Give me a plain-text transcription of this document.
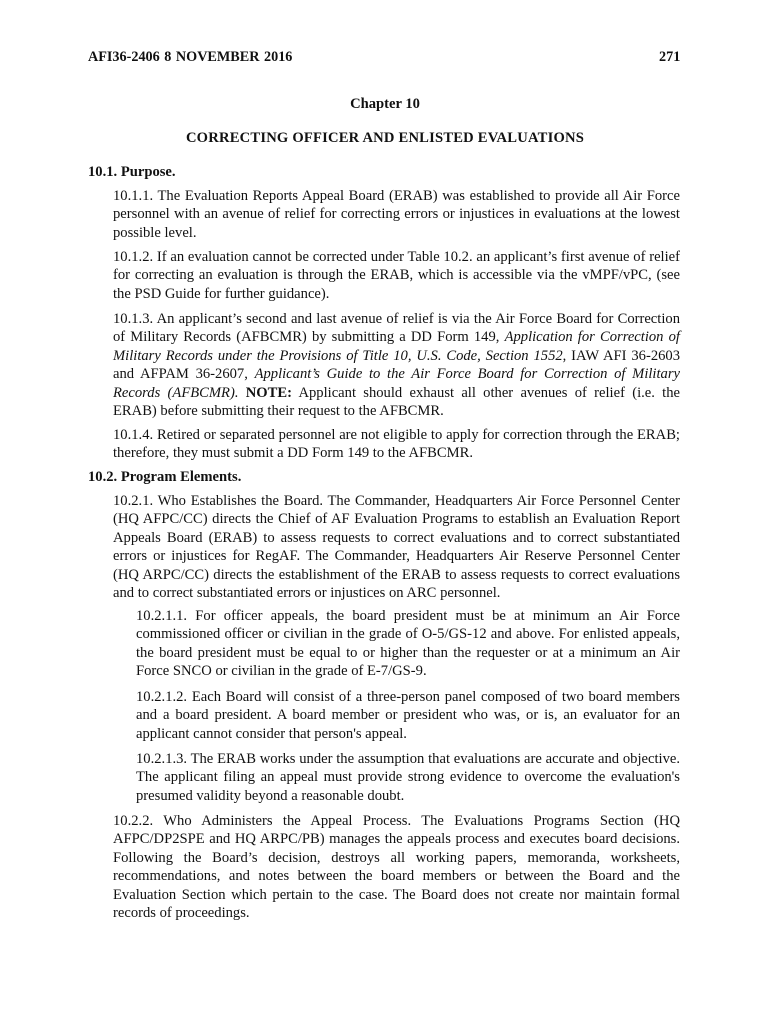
AFI36-2406 8 NOVEMBER 2016	271
Chapter 10
CORRECTING OFFICER AND ENLISTED EVALUATIONS
10.1. Purpose.
10.1.1. The Evaluation Reports Appeal Board (ERAB) was established to provide all Air Force personnel with an avenue of relief for correcting errors or injustices in evaluations at the lowest possible level.
10.1.2. If an evaluation cannot be corrected under Table 10.2. an applicant’s first avenue of relief for correcting an evaluation is through the ERAB, which is accessible via the vMPF/vPC, (see the PSD Guide for further guidance).
10.1.3. An applicant’s second and last avenue of relief is via the Air Force Board for Correction of Military Records (AFBCMR) by submitting a DD Form 149, Application for Correction of Military Records under the Provisions of Title 10, U.S. Code, Section 1552, IAW AFI 36-2603 and AFPAM 36-2607, Applicant’s Guide to the Air Force Board for Correction of Military Records (AFBCMR). NOTE: Applicant should exhaust all other avenues of relief (i.e. the ERAB) before submitting their request to the AFBCMR.
10.1.4. Retired or separated personnel are not eligible to apply for correction through the ERAB; therefore, they must submit a DD Form 149 to the AFBCMR.
10.2. Program Elements.
10.2.1. Who Establishes the Board. The Commander, Headquarters Air Force Personnel Center (HQ AFPC/CC) directs the Chief of AF Evaluation Programs to establish an Evaluation Report Appeals Board (ERAB) to assess requests to correct evaluations and to correct substantiated errors or injustices for RegAF. The Commander, Headquarters Air Reserve Personnel Center (HQ ARPC/CC) directs the establishment of the ERAB to assess requests to correct evaluations and to correct substantiated errors or injustices on ARC personnel.
10.2.1.1. For officer appeals, the board president must be at minimum an Air Force commissioned officer or civilian in the grade of O-5/GS-12 and above. For enlisted appeals, the board president must be equal to or higher than the requester or at a minimum an Air Force SNCO or civilian in the grade of E-7/GS-9.
10.2.1.2. Each Board will consist of a three-person panel composed of two board members and a board president. A board member or president who was, or is, an evaluator for an applicant cannot consider that person's appeal.
10.2.1.3. The ERAB works under the assumption that evaluations are accurate and objective. The applicant filing an appeal must provide strong evidence to overcome the evaluation's presumed validity beyond a reasonable doubt.
10.2.2. Who Administers the Appeal Process. The Evaluations Programs Section (HQ AFPC/DP2SPE and HQ ARPC/PB) manages the appeals process and executes board decisions. Following the Board’s decision, destroys all working papers, memoranda, worksheets, recommendations, and notes between the board members or between the Board and the Evaluation Section which pertain to the case. The Board does not create nor maintain formal records of proceedings.
